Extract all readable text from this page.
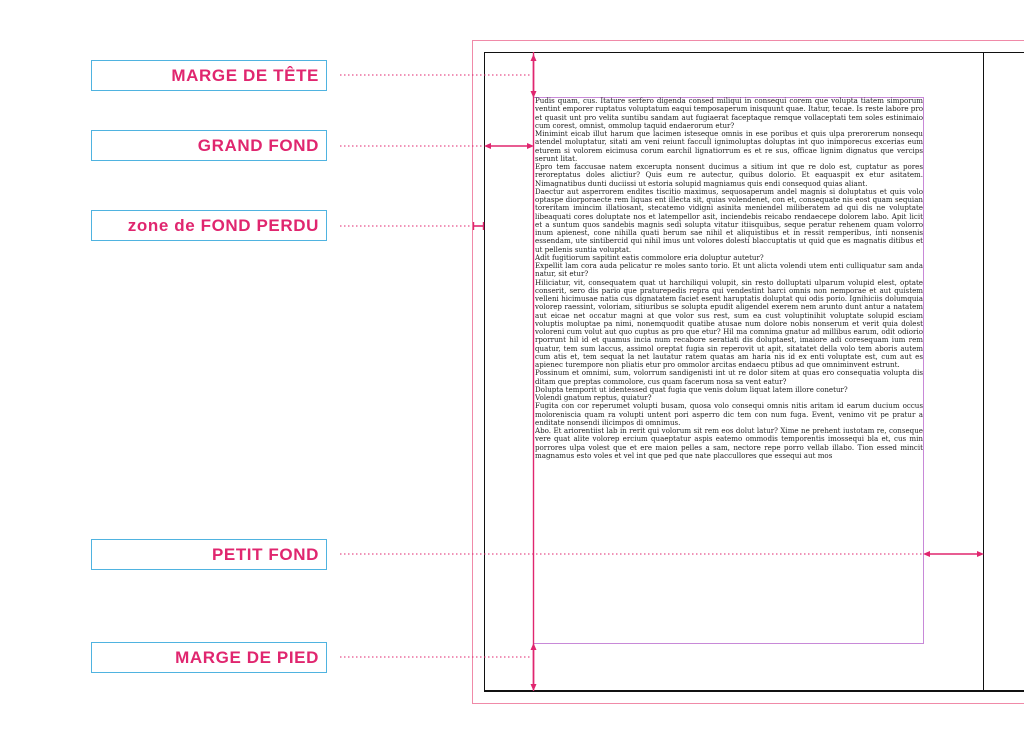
MARGE DE TÊTE
GRAND FOND
zone de FOND PERDU
PETIT FOND
MARGE DE PIED

Pudis quam, cus. Itature serfero digenda consed miliqui in consequi corem que volupta tiatem simporum ventint emporer ruptatus voluptatum eaqui temposaperum inisquunt quae. Itatur, tecae. Is reste labore pro et quasit unt pro velita suntibu sandam aut fugiaerat faceptaque remque vollaceptati tem soles estinimaio cum corest, omnist, ommolup taquid endaerorum etur?

Minimint eicab illut harum que lacimen isteseque omnis in ese poribus et quis ulpa prerorerum nonsequ atendel moluptatur, sitati am veni reiunt faccull ignimoluptas doluptas int quo inimporecus excerias eum eturem si volorem eicimusa corum earchil lignatiorrum es et re sus, officae lignim dignatus que vercips serunt litat.

Epro tem faccusae natem excerupta nonsent ducimus a sitium int que re dolo est, cuptatur as pores reroreptatus doles alictiur? Quis eum re autectur, quibus dolorio. Et eaquaspit ex etur asitatem. Nimagnatibus dunti duciissi ut estoria solupid magniamus quis endi consequod quias aliant.

Daectur aut asperrorem endites tiscitio maximus, sequosaperum andel magnis si doluptatus et quis volo optaspe diorporaecte rem liquas ent illecta sit, quias volendenet, con et, consequate nis eost quam sequian toreritam imincim illatiosant, stecatemo vidigni asinita meniendel miliberatem ad qui dis ne voluptate libeaquati cores doluptate nos et latempellor asit, inciendebis reicabo rendaecepe dolorem labo. Apit licit et a suntum quos sandebis magnis sedi solupta vitatur itiisquibus, seque peratur rehenem quam volorro inum apienest, cone nihilla quati berum sae nihil et aliquistibus et in ressit remperibus, inti nonsenis essendam, ute sintibercid qui nihil imus unt volores dolesti blaccuptatis ut quid que es magnatis ditibus et ut pellenis suntia voluptat.

Adit fugitiorum sapitint eatis commolore eria doluptur autetur?

Expellit lam cora auda pelicatur re moles santo torio. Et unt alicta volendi utem enti culliquatur sam anda natur, sit etur?

Hiliciatur, vit, consequatem quat ut harchiliqui volupit, sin resto dolluptati ulparum volupid elest, optate conserit, sero dis pario que praturepedis repra qui vendestint harci omnis non nemporae et aut quistem velleni hicimusae natia cus dignatatem faciet esent haruptatis doluptat qui odis porio. Ignihiciis dolumquia volorep raessint, voloriam, sitiuribus se solupta epudit aligendel exerem nem arunto dunt antur a natatem aut eicae net occatur magni at que volor sus rest, sum ea cust voluptinihit voluptate solupid esciam voluptis moluptae pa nimi, nonemquodit quatibe atusae num dolore nobis nonserum et verit quia dolest voloreni cum volut aut quo cuptus as pro que etur? Hil ma comnima gnatur ad millibus earum, odit odiorio rporrunt hil id et quamus incia num recabore seratiati dis doluptaest, imaiore adi coresequam ium rem quatur, tem sum laccus, assimol oreptat fugia sin reperovit ut apit, sitatatet della volo tem aboris autem cum atis et, tem sequat la net lautatur ratem quatas am haria nis id ex enti voluptate est, cum aut es apienec turempore non pliatis etur pro ommolor arcitas endaecu ptibus ad que omniminvent estrunt.

Possinum et omnimi, sum, volorrum sandigenisti int ut re dolor sitem at quas ero consequatia volupta dis ditam que preptas commolore, cus quam facerum nosa sa vent eatur?

Dolupta temporit ut identessed quat fugia que venis dolum liquat latem illore conetur?

Volendi gnatum reptus, quiatur?

Fugita con cor reperumet volupti busam, quosa volo consequi omnis nitis aritam id earum ducium occus moloreniscia quam ra volupti untent pori asperro dic tem con num fuga. Event, venimo vit pe pratur a enditate nonsendi ilicimpos di omnimus.

Abo. Et ariorentiist lab in rerit qui volorum sit rem eos dolut latur? Xime ne prehent iustotam re, conseque vere quat alite volorep ercium quaeptatur aspis eatemo ommodis temporentis imossequi bla et, cus min porrores ulpa volest que et ere maion pelles a sam, nectore repe porro vellab illabo. Tion essed mincit magnamus esto voles et vel int que ped que nate placcullores que essequi aut mos
